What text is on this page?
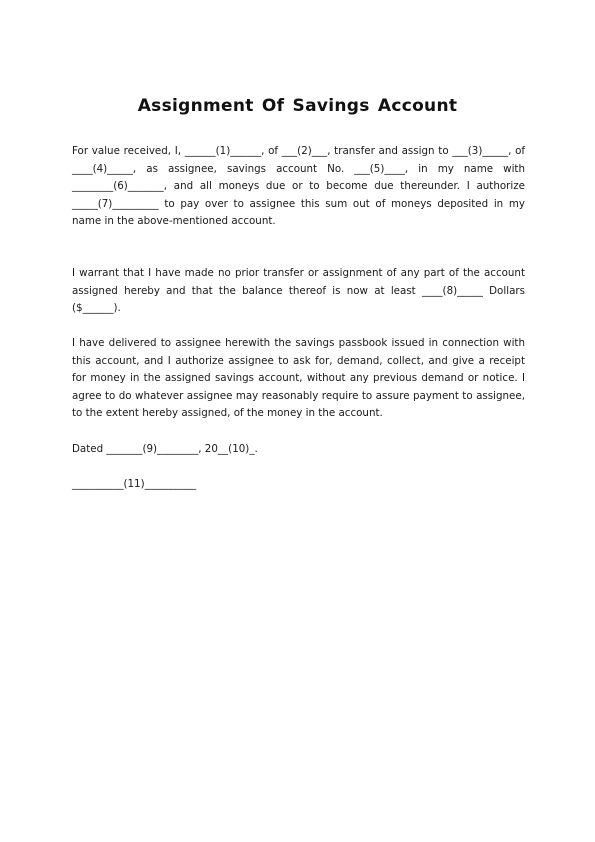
Assignment Of Savings Account

For value received, I, ______(1)______, of ___(2)___, transfer and assign to ___(3)_____, of ____(4)_____, as assignee, savings account No. ___(5)____, in my name with ________(6)_______, and all moneys due or to become due thereunder. I authorize _____(7)_________ to pay over to assignee this sum out of moneys deposited in my name in the above-mentioned account.

I warrant that I have made no prior transfer or assignment of any part of the account assigned hereby and that the balance thereof is now at least ____(8)_____ Dollars ($______).

I have delivered to assignee herewith the savings passbook issued in connection with this account, and I authorize assignee to ask for, demand, collect, and give a receipt for money in the assigned savings account, without any previous demand or notice. I agree to do whatever assignee may reasonably require to assure payment to assignee, to the extent hereby assigned, of the money in the account.

Dated _______(9)________, 20__(10)_.

__________(11)__________
